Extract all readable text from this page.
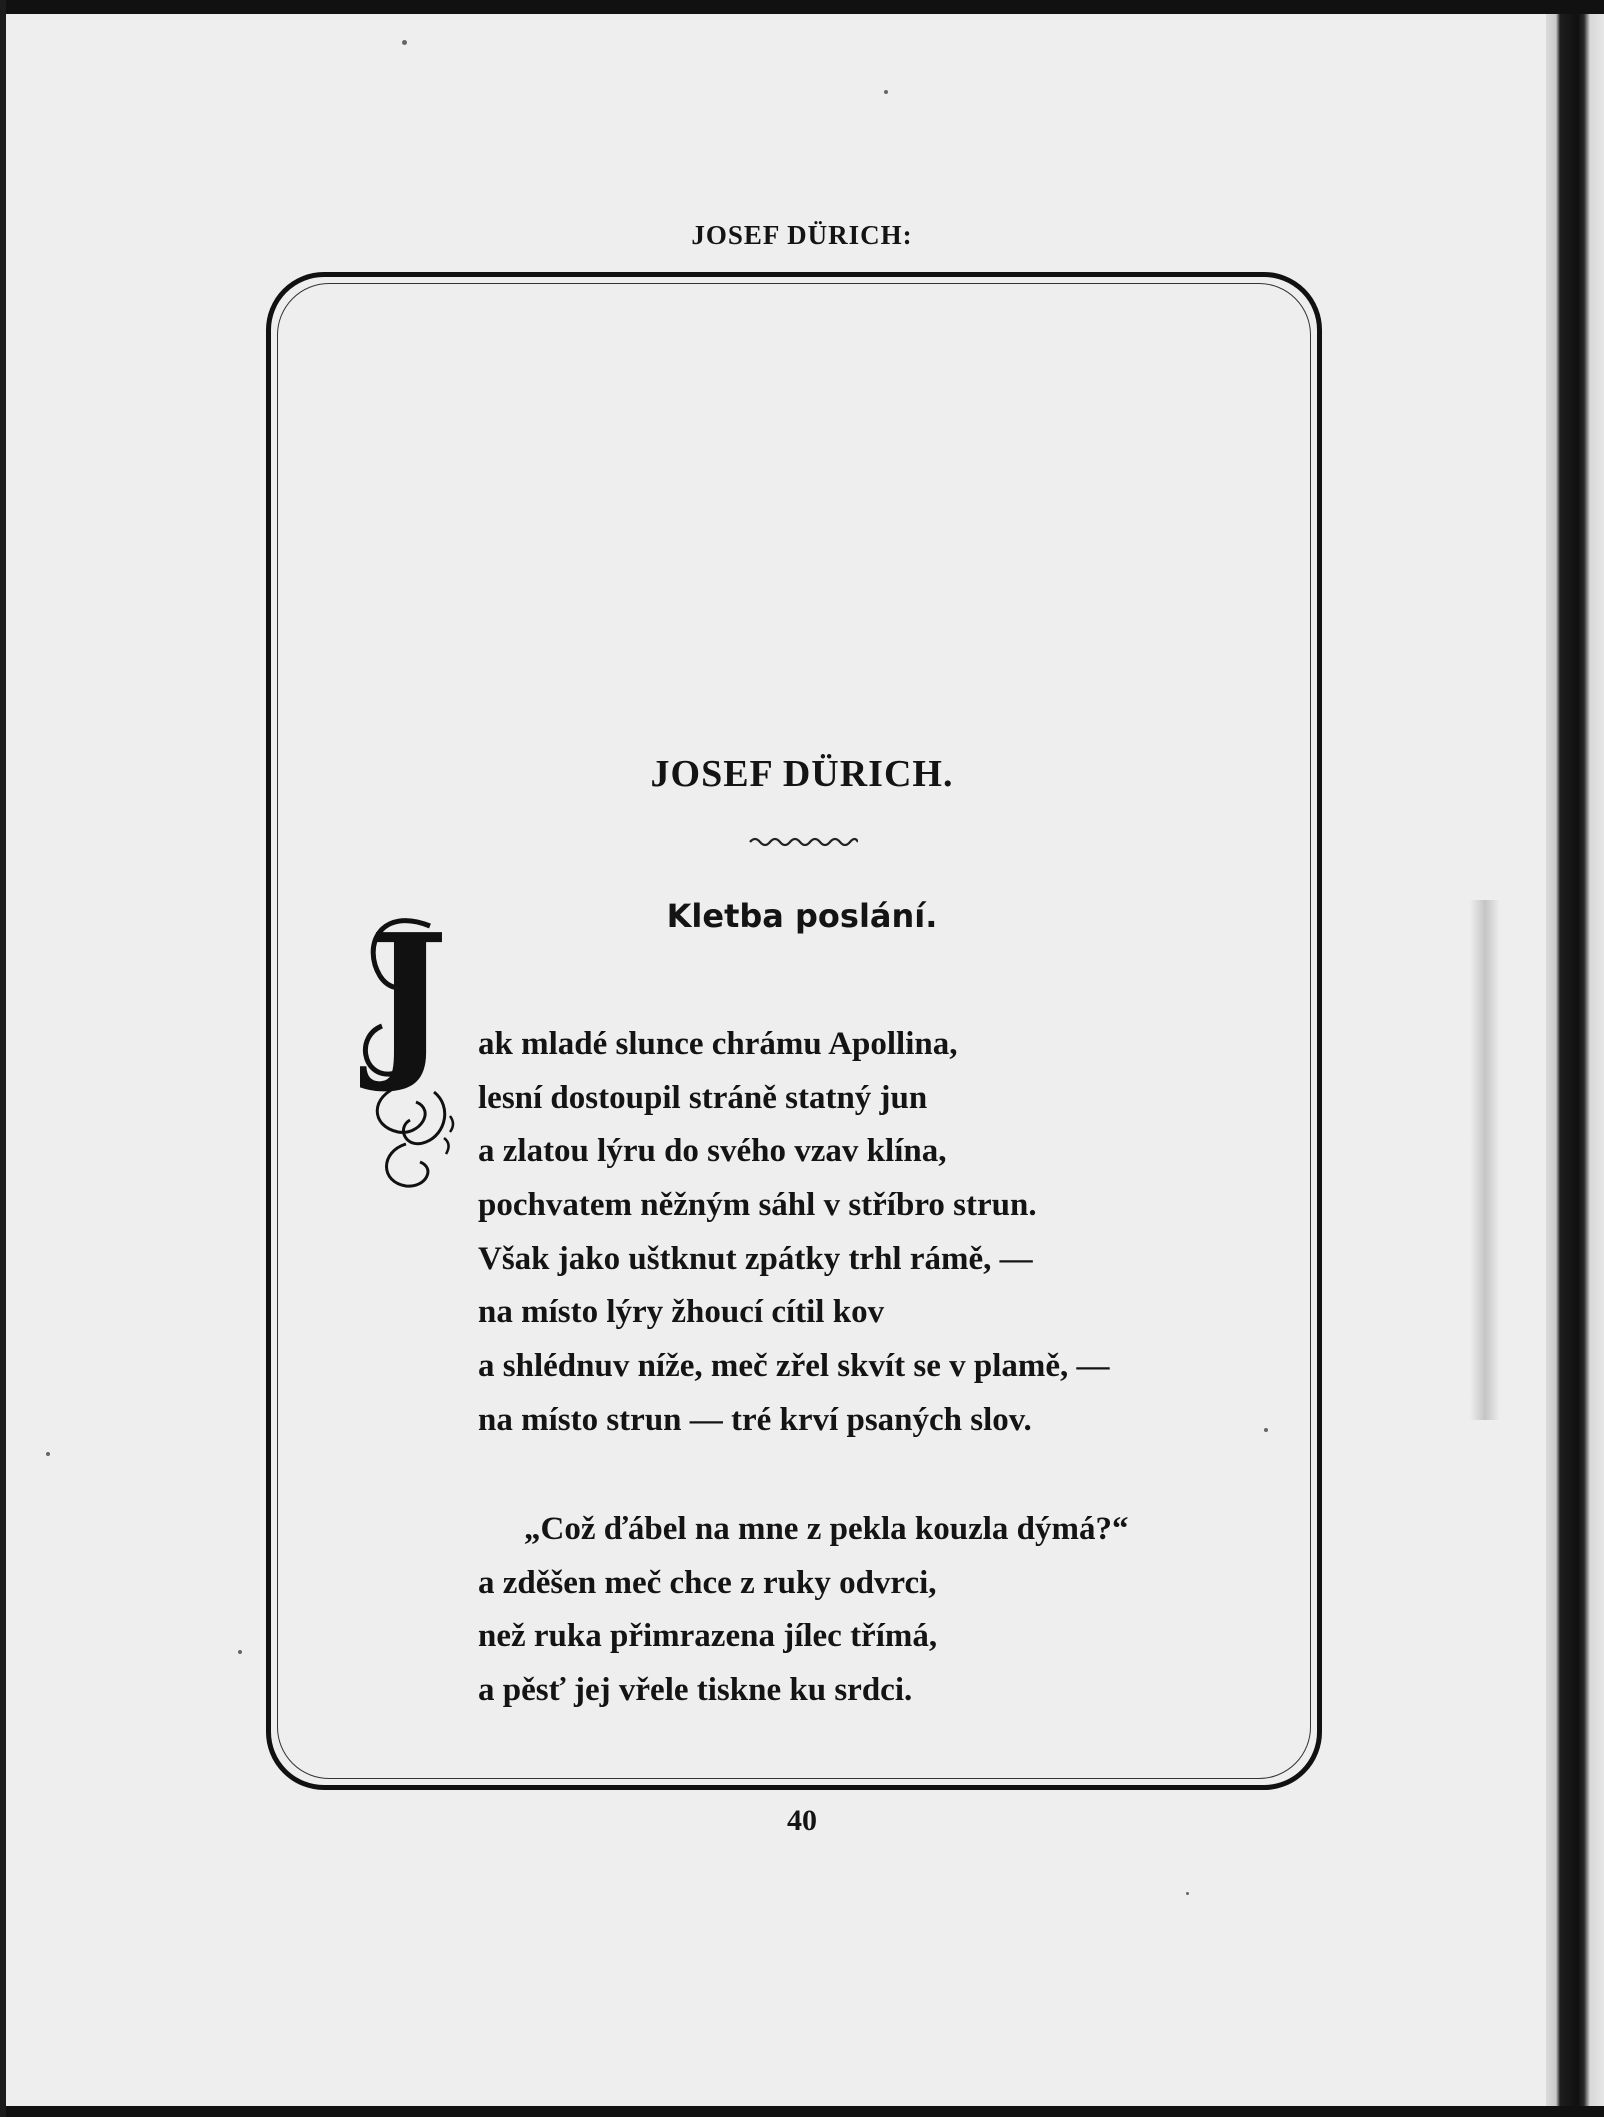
JOSEF DÜRICH:
JOSEF DÜRICH.
Kletba poslání.
J ak mladé slunce chrámu Apollina,
lesní dostoupil stráně statný jun
a zlatou lýru do svého vzav klína,
pochvatem něžným sáhl v stříbro strun.
Však jako uštknut zpátky trhl rámě, —
na místo lýry žhoucí cítil kov
a shlédnuv níže, meč zřel skvít se v plamě, —
na místo strun — tré krví psaných slov.
„Což ďábel na mne z pekla kouzla dýmá?“
a zděšen meč chce z ruky odvrci,
než ruka přimrazena jílec třímá,
a pěsť jej vřele tiskne ku srdci.
40
